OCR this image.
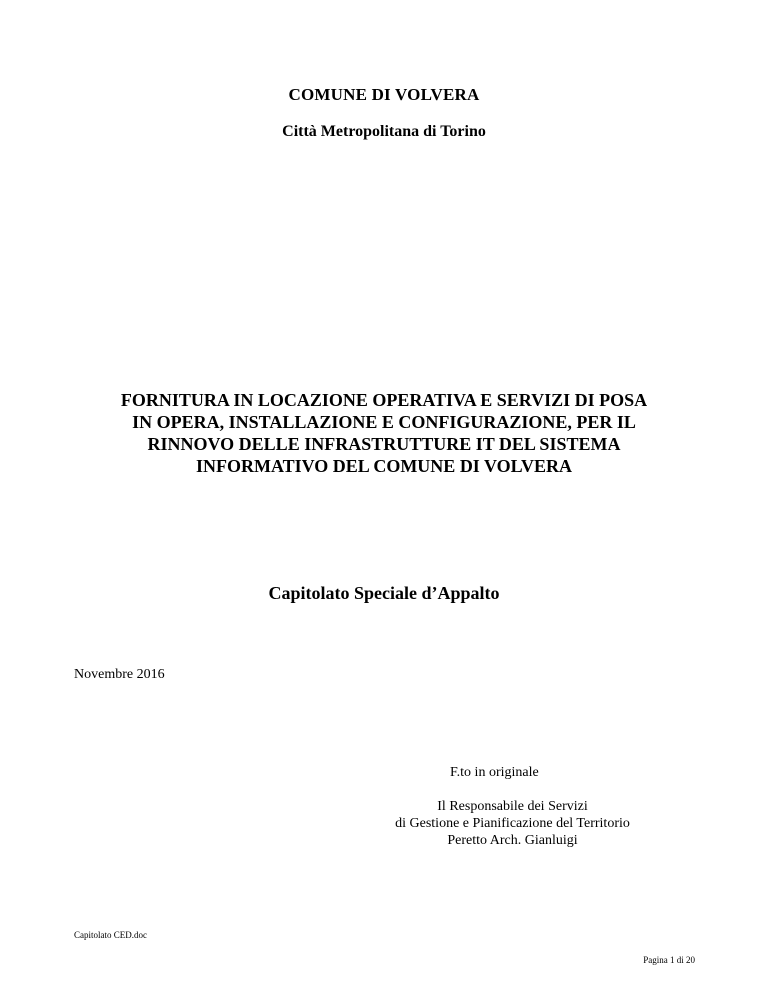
COMUNE DI VOLVERA
Città Metropolitana di Torino
FORNITURA IN LOCAZIONE OPERATIVA E SERVIZI DI POSA
IN OPERA, INSTALLAZIONE E CONFIGURAZIONE, PER IL
RINNOVO DELLE INFRASTRUTTURE IT DEL SISTEMA
INFORMATIVO DEL COMUNE DI VOLVERA
Capitolato Speciale d’Appalto
Novembre 2016
F.to in originale
Il Responsabile dei Servizi
di Gestione e Pianificazione del Territorio
Peretto Arch. Gianluigi
Capitolato CED.doc
Pagina 1 di 20
